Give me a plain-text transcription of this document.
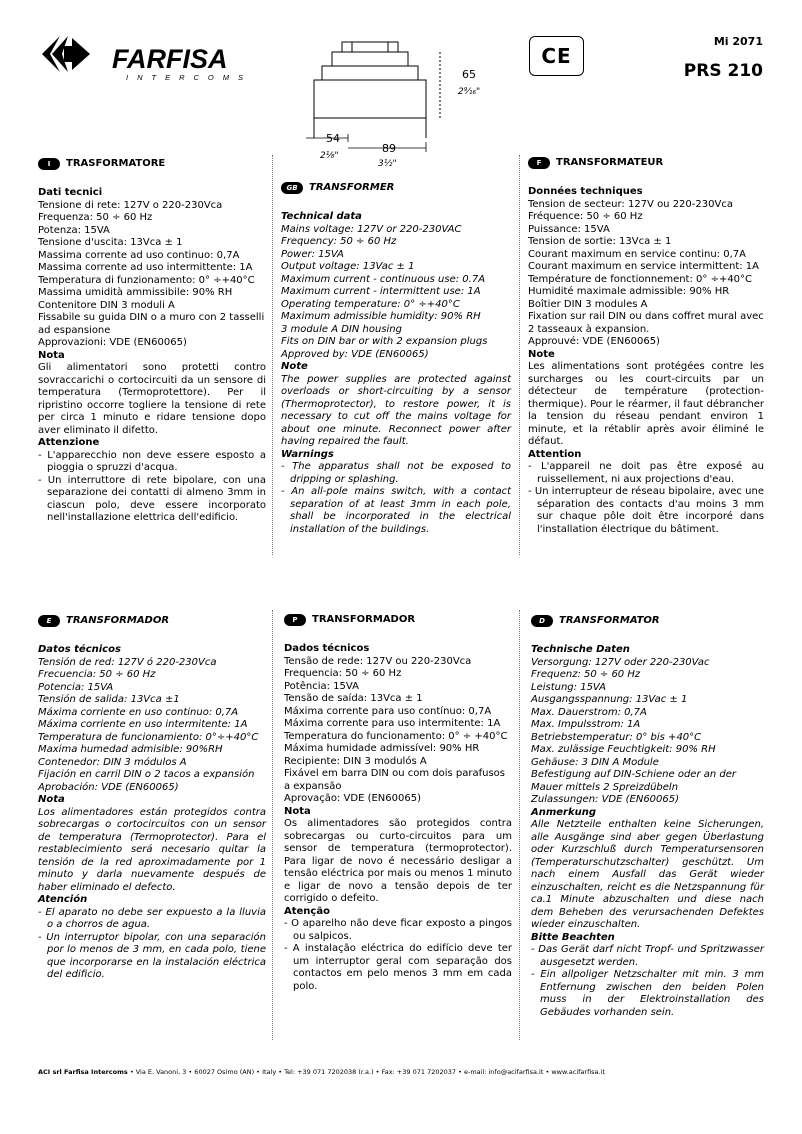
FARFISA
INTERCOMS	65
2⁹⁄₁₆"
54
2¹⁄₈"
89
3¹⁄₂"
CE
Mi 2071
PRS 210
I	TRASFORMATORE

Dati tecnici

Tensione di rete: 127V o 220-230Vca

Frequenza: 50 ÷ 60 Hz

Potenza: 15VA

Tensione d'uscita: 13Vca ± 1

Massima corrente ad uso continuo: 0,7A

Massima corrente ad uso intermittente: 1A

Temperatura di funzionamento: 0° ÷+40°C

Massima umidità ammissibile: 90% RH

Contenitore DIN 3 moduli A

Fissabile su guida DIN o a muro con 2 tasselli ad espansione

Approvazioni: VDE (EN60065)

Nota

Gli alimentatori sono protetti contro sovraccarichi o cortocircuiti da un sensore di temperatura (Termoprotettore). Per il ripristino occorre togliere la tensione di rete per circa 1 minuto e ridare tensione dopo aver eliminato il difetto.

Attenzione

- L'apparecchio non deve essere esposto a pioggia o spruzzi d'acqua.

- Un interruttore di rete bipolare, con una separazione dei contatti di almeno 3mm in ciascun polo, deve essere incorporato nell'installazione elettrica dell'edificio.

GB	TRANSFORMER

Technical data

Mains voltage: 127V or 220-230VAC

Frequency: 50 ÷ 60 Hz

Power: 15VA

Output voltage: 13Vac ± 1

Maximum current - continuous use: 0.7A

Maximum current - intermittent use: 1A

Operating temperature: 0° ÷+40°C

Maximum admissible humidity: 90% RH

3 module A DIN housing

Fits on DIN bar or with 2 expansion plugs

Approved by: VDE (EN60065)

Note

The power supplies are protected against overloads or short-circuiting by a sensor (Thermoprotector), to restore power, it is necessary to cut off the mains voltage for about one minute. Reconnect power after having repaired the fault.

Warnings

- The apparatus shall not be exposed to dripping or splashing.

- An all-pole mains switch, with a contact separation of at least 3mm in each pole, shall be incorporated in the electrical installation of the buildings.

F	TRANSFORMATEUR

Données techniques

Tension de secteur: 127V ou 220-230Vca

Fréquence: 50 ÷ 60 Hz

Puissance: 15VA

Tension de sortie: 13Vca ± 1

Courant maximum en service continu: 0,7A

Courant maximum en service intermittent: 1A

Température de fonctionnement: 0° ÷+40°C

Humidité maximale admissible: 90% HR

Boîtier DIN 3 modules A

Fixation sur rail DIN ou dans coffret mural avec 2 tasseaux à expansion.

Approuvé: VDE (EN60065)

Note

Les alimentations sont protégées contre les surcharges ou les court-circuits par un détecteur de température (protection-thermique). Pour le réarmer, il faut débrancher la tension du réseau pendant environ 1 minute, et la rétablir après avoir éliminé le défaut.

Attention

- L'appareil ne doit pas être exposé au ruissellement, ni aux projections d'eau.

- Un interrupteur de réseau bipolaire, avec une séparation des contacts d'au moins 3 mm sur chaque pôle doit être incorporé dans l'installation électrique du bâtiment.

E	TRANSFORMADOR

Datos técnicos

Tensión de red: 127V ó 220-230Vca

Frecuencia: 50 ÷ 60 Hz

Potencia: 15VA

Tensión de salida: 13Vca ±1

Máxima corriente en uso continuo: 0,7A

Máxima corriente en uso intermitente: 1A

Temperatura de funcionamiento: 0°÷+40°C

Maxima humedad admisible: 90%RH

Contenedor: DIN 3 módulos A

Fijación en carril DIN o 2 tacos a expansión

Aprobación: VDE (EN60065)

Nota

Los alimentadores están protegidos contra sobrecargas o cortocircuitos con un sensor de temperatura (Termoprotector). Para el restablecimiento será necesario quitar la tensión de la red aproximadamente por 1 minuto y darla nuevamente después de haber eliminado el defecto.

Atención

- El aparato no debe ser expuesto a la lluvia o a chorros de agua.

- Un interruptor bipolar, con una separación por lo menos de 3 mm, en cada polo, tiene que incorporarse en la instalación eléctrica del edificio.

P	TRANSFORMADOR

Dados técnicos

Tensão de rede: 127V ou 220-230Vca

Frequencia: 50 ÷ 60 Hz

Potência: 15VA

Tensão de saída: 13Vca ± 1

Máxima corrente para uso contínuo: 0,7A

Máxima corrente para uso intermitente: 1A

Temperatura do funcionamento: 0° ÷ +40°C

Máxima humidade admissível: 90% HR

Recipiente: DIN 3 modulós A

Fixável em barra DIN ou com dois parafusos a expansão

Aprovação: VDE (EN60065)

Nota

Os alimentadores são protegidos contra sobrecargas ou curto-circuitos para um sensor de temperatura (termoprotector). Para ligar de novo é necessário desligar a tensão eléctrica por mais ou menos 1 minuto e ligar de novo a tensão depois de ter corrigido o defeito.

Atenção

- O aparelho não deve ficar exposto a pingos ou salpicos.

- A instalação eléctrica do edifício deve ter um interruptor geral com separação dos contactos em pelo menos 3 mm em cada polo.

D	TRANSFORMATOR

Technische Daten

Versorgung: 127V oder 220-230Vac

Frequenz: 50 ÷ 60 Hz

Leistung: 15VA

Ausgangsspannung: 13Vac ± 1

Max. Dauerstrom: 0,7A

Max. Impulsstrom: 1A

Betriebstemperatur: 0° bis +40°C

Max. zulässige Feuchtigkeit: 90% RH

Gehäuse: 3 DIN A Module

Befestigung auf DIN-Schiene oder an der Mauer mittels 2 Spreizdübeln

Zulassungen: VDE (EN60065)

Anmerkung

Alle Netzteile enthalten keine Sicherungen, alle Ausgänge sind aber gegen Überlastung oder Kurzschluß durch Temperatursensoren (Temperaturschutzschalter) geschützt. Um nach einem Ausfall das Gerät wieder einzuschalten, reicht es die Netzspannung für ca.1 Minute abzuschalten und diese nach dem Beheben des verursachenden Defektes wieder einzuschalten.

Bitte Beachten

- Das Gerät darf nicht Tropf- und Spritzwasser ausgesetzt werden.

- Ein allpoliger Netzschalter mit min. 3 mm Entfernung zwischen den beiden Polen muss in der Elektroinstallation des Gebäudes vorhanden sein.

ACI srl Farfisa Intercoms • Via E. Vanoni, 3 • 60027 Osimo (AN) • Italy • Tel: +39 071 7202038 (r.a.) • Fax: +39 071 7202037 • e-mail: info@acifarfisa.it • www.acifarfisa.it
